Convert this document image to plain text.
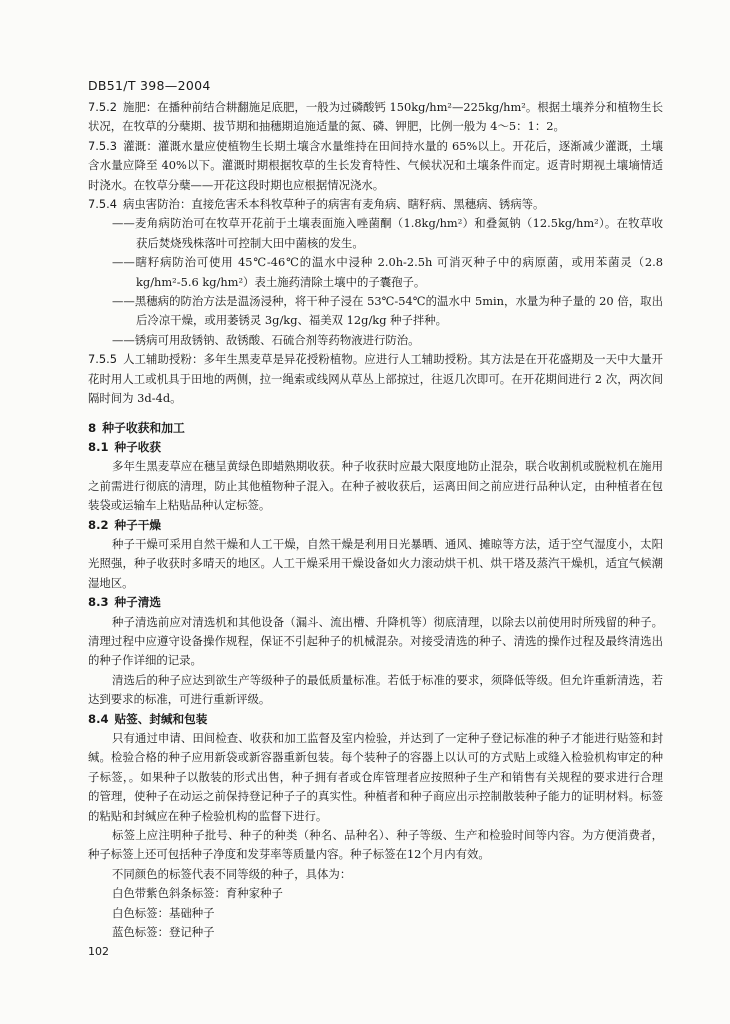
DB51/T 398—2004

7.5.2 施肥：在播种前结合耕翻施足底肥，一般为过磷酸钙 150kg/hm²—225kg/hm²。根据土壤养分和植物生长状况，在牧草的分蘖期、拔节期和抽穗期追施适量的氮、磷、钾肥，比例一般为 4～5：1：2。

7.5.3 灌溉：灌溉水量应使植物生长期土壤含水量维持在田间持水量的 65%以上。开花后，逐渐减少灌溉，土壤含水量应降至 40%以下。灌溉时期根据牧草的生长发育特性、气候状况和土壤条件而定。返青时期视土壤墒情适时浇水。在牧草分蘖——开花这段时期也应根据情况浇水。

7.5.4 病虫害防治：直接危害禾本科牧草种子的病害有麦角病、瞎籽病、黑穗病、锈病等。

——麦角病防治可在牧草开花前于土壤表面施入唑菌酮（1.8kg/hm²）和叠氮钠（12.5kg/hm²）。在牧草收获后焚烧残株落叶可控制大田中菌核的发生。

——瞎籽病防治可使用 45℃-46℃的温水中浸种 2.0h-2.5h 可消灭种子中的病原菌，或用苯菌灵（2.8 kg/hm²-5.6 kg/hm²）表土施药清除土壤中的子囊孢子。

——黑穗病的防治方法是温汤浸种，将干种子浸在 53℃-54℃的温水中 5min，水量为种子量的 20 倍，取出后冷凉干燥，或用萎锈灵 3g/kg、福美双 12g/kg 种子拌种。

——锈病可用敌锈钠、敌锈酸、石硫合剂等药物液进行防治。

7.5.5 人工辅助授粉：多年生黑麦草是异花授粉植物。应进行人工辅助授粉。其方法是在开花盛期及一天中大量开花时用人工或机具于田地的两侧，拉一绳索或线网从草丛上部掠过，往返几次即可。在开花期间进行 2 次，两次间隔时间为 3d-4d。

8 种子收获和加工

8.1 种子收获

多年生黑麦草应在穗呈黄绿色即蜡熟期收获。种子收获时应最大限度地防止混杂，联合收割机或脱粒机在施用之前需进行彻底的清理，防止其他植物种子混入。在种子被收获后，运离田间之前应进行品种认定，由种植者在包装袋或运输车上粘贴品种认定标签。

8.2 种子干燥

种子干燥可采用自然干燥和人工干燥，自然干燥是利用日光暴晒、通风、摊晾等方法，适于空气湿度小，太阳光照强，种子收获时多晴天的地区。人工干燥采用干燥设备如火力滚动烘干机、烘干塔及蒸汽干燥机，适宜气候潮湿地区。

8.3 种子清选

种子清选前应对清选机和其他设备（漏斗、流出槽、升降机等）彻底清理，以除去以前使用时所残留的种子。清理过程中应遵守设备操作规程，保证不引起种子的机械混杂。对接受清选的种子、清选的操作过程及最终清选出的种子作详细的记录。

清选后的种子应达到欲生产等级种子的最低质量标准。若低于标准的要求，须降低等级。但允许重新清选，若达到要求的标准，可进行重新评级。

8.4 贴签、封缄和包装

只有通过申请、田间检查、收获和加工监督及室内检验，并达到了一定种子登记标准的种子才能进行贴签和封缄。检验合格的种子应用新袋或新容器重新包装。每个装种子的容器上以认可的方式贴上或缝入检验机构审定的种子标签，。如果种子以散装的形式出售，种子拥有者或仓库管理者应按照种子生产和销售有关规程的要求进行合理的管理，使种子在动运之前保持登记种子子的真实性。种植者和种子商应出示控制散装种子能力的证明材料。标签的粘贴和封缄应在种子检验机构的监督下进行。

标签上应注明种子批号、种子的种类（种名、品种名）、种子等级、生产和检验时间等内容。为方便消费者，种子标签上还可包括种子净度和发芽率等质量内容。种子标签在12个月内有效。

不同颜色的标签代表不同等级的种子，具体为：

白色带紫色斜条标签：育种家种子

白色标签：基础种子

蓝色标签：登记种子

102
